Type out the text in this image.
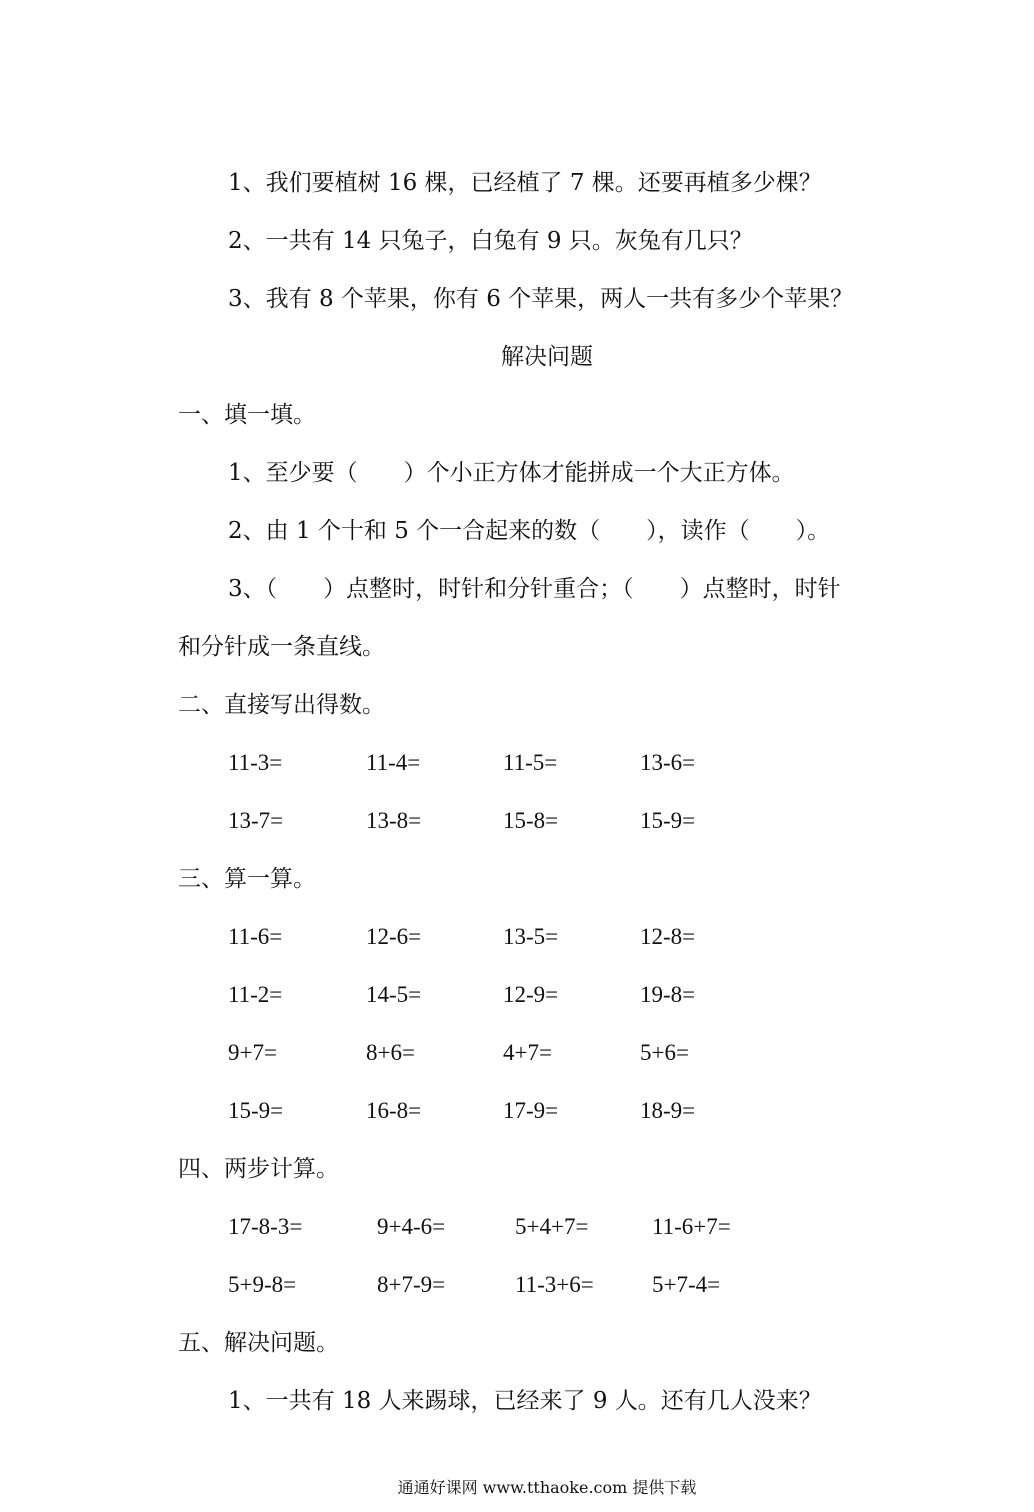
1、我们要植树 16 棵，已经植了 7 棵。还要再植多少棵？
2、一共有 14 只兔子，白兔有 9 只。灰兔有几只？
3、我有 8 个苹果，你有 6 个苹果，两人一共有多少个苹果？
解决问题
一、填一填。
1、至少要（　　）个小正方体才能拼成一个大正方体。
2、由 1 个十和 5 个一合起来的数（　　），读作（　　）。
3、（　　）点整时，时针和分针重合；（　　）点整时，时针
和分针成一条直线。
二、直接写出得数。
11-3=	11-4=	11-5=	13-6=
13-7=	13-8=	15-8=	15-9=
三、算一算。
11-6=	12-6=	13-5=	12-8=
11-2=	14-5=	12-9=	19-8=
9+7=	8+6=	4+7=	5+6=
15-9=	16-8=	17-9=	18-9=
四、两步计算。
17-8-3=	9+4-6=	5+4+7=	11-6+7=
5+9-8=	8+7-9=	11-3+6=	5+7-4=
五、解决问题。
1、一共有 18 人来踢球，已经来了 9 人。还有几人没来？
通通好课网 www.tthaoke.com 提供下载
